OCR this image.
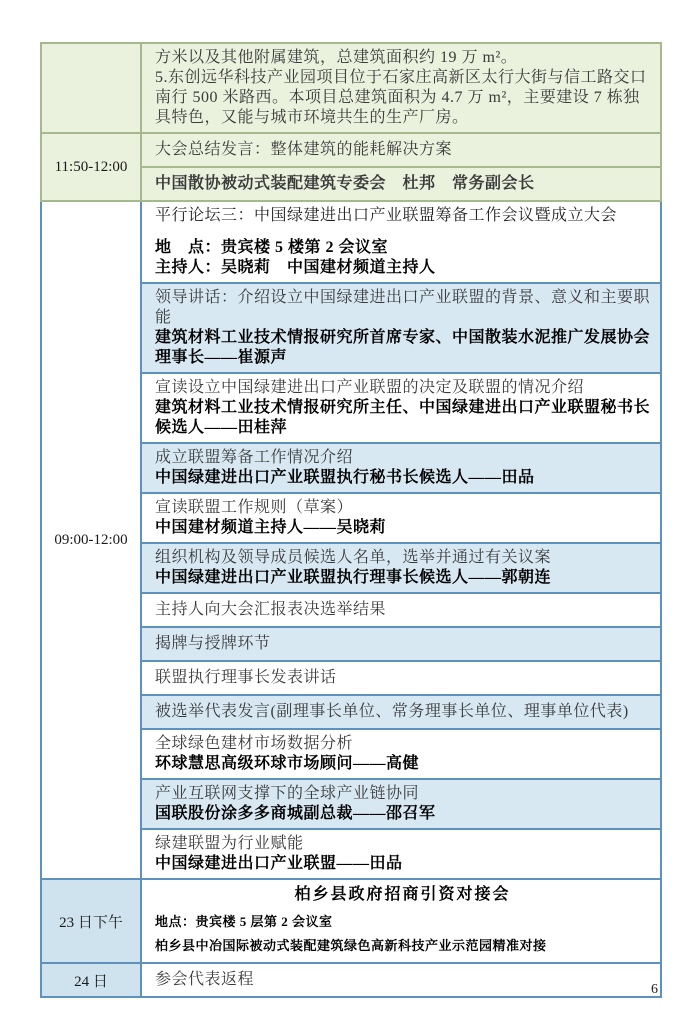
	方米以及其他附属建筑，总建筑面积约 19 万 m²。
5.东创远华科技产业园项目位于石家庄高新区太行大街与信工路交口南行 500 米路西。本项目总建筑面积为 4.7 万 m²，主要建设 7 栋独具特色，又能与城市环境共生的生产厂房。

11:50-12:00	大会总结发言：整体建筑的能耗解决方案
	中国散协被动式装配建筑专委会　杜邦　常务副会长
09:00-12:00	平行论坛三：中国绿建进出口产业联盟筹备工作会议暨成立大会
地　点：贵宾楼 5 楼第 2 会议室
主持人：吴晓莉　中国建材频道主持人

	领导讲话：介绍设立中国绿建进出口产业联盟的背景、意义和主要职能
建筑材料工业技术情报研究所首席专家、中国散装水泥推广发展协会理事长——崔源声

	宣读设立中国绿建进出口产业联盟的决定及联盟的情况介绍
建筑材料工业技术情报研究所主任、中国绿建进出口产业联盟秘书长候选人——田桂萍

	成立联盟筹备工作情况介绍
中国绿建进出口产业联盟执行秘书长候选人——田品

	宣读联盟工作规则（草案）
中国建材频道主持人——吴晓莉

	组织机构及领导成员候选人名单，选举并通过有关议案
中国绿建进出口产业联盟执行理事长候选人——郭朝连

	主持人向大会汇报表决选举结果
	揭牌与授牌环节
	联盟执行理事长发表讲话
	被选举代表发言(副理事长单位、常务理事长单位、理事单位代表)

	全球绿色建材市场数据分析
环球慧思高级环球市场顾问——高健

	产业互联网支撑下的全球产业链协同
国联股份涂多多商城副总裁——邵召军

	绿建联盟为行业赋能
中国绿建进出口产业联盟——田品

23 日下午	柏乡县政府招商引资对接会
地点：贵宾楼 5 层第 2 会议室
柏乡县中冶国际被动式装配建筑绿色高新科技产业示范园精准对接

24 日	参会代表返程
6
